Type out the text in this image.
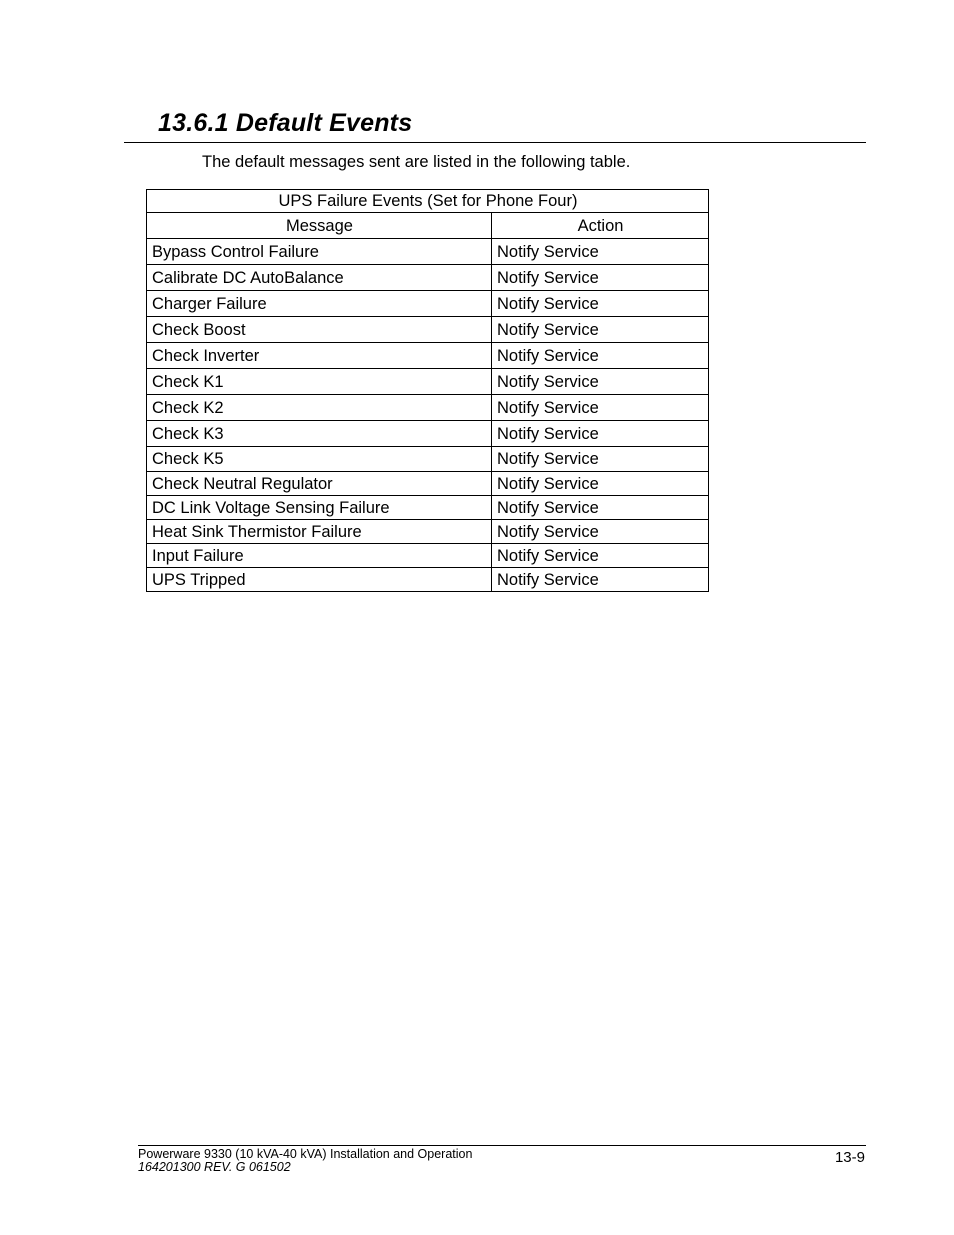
13.6.1 Default Events

The default messages sent are listed in the following table.

UPS Failure Events (Set for Phone Four)	
Message	Action
Bypass Control Failure	Notify Service
Calibrate DC AutoBalance	Notify Service
Charger Failure	Notify Service
Check Boost	Notify Service
Check Inverter	Notify Service
Check K1	Notify Service
Check K2	Notify Service
Check K3	Notify Service
Check K5	Notify Service
Check Neutral Regulator	Notify Service
DC Link Voltage Sensing Failure	Notify Service
Heat Sink Thermistor Failure	Notify Service
Input Failure	Notify Service
UPS Tripped	Notify Service
Powerware 9330 (10 kVA-40 kVA) Installation and Operation
164201300 REV. G 061502
13-9
